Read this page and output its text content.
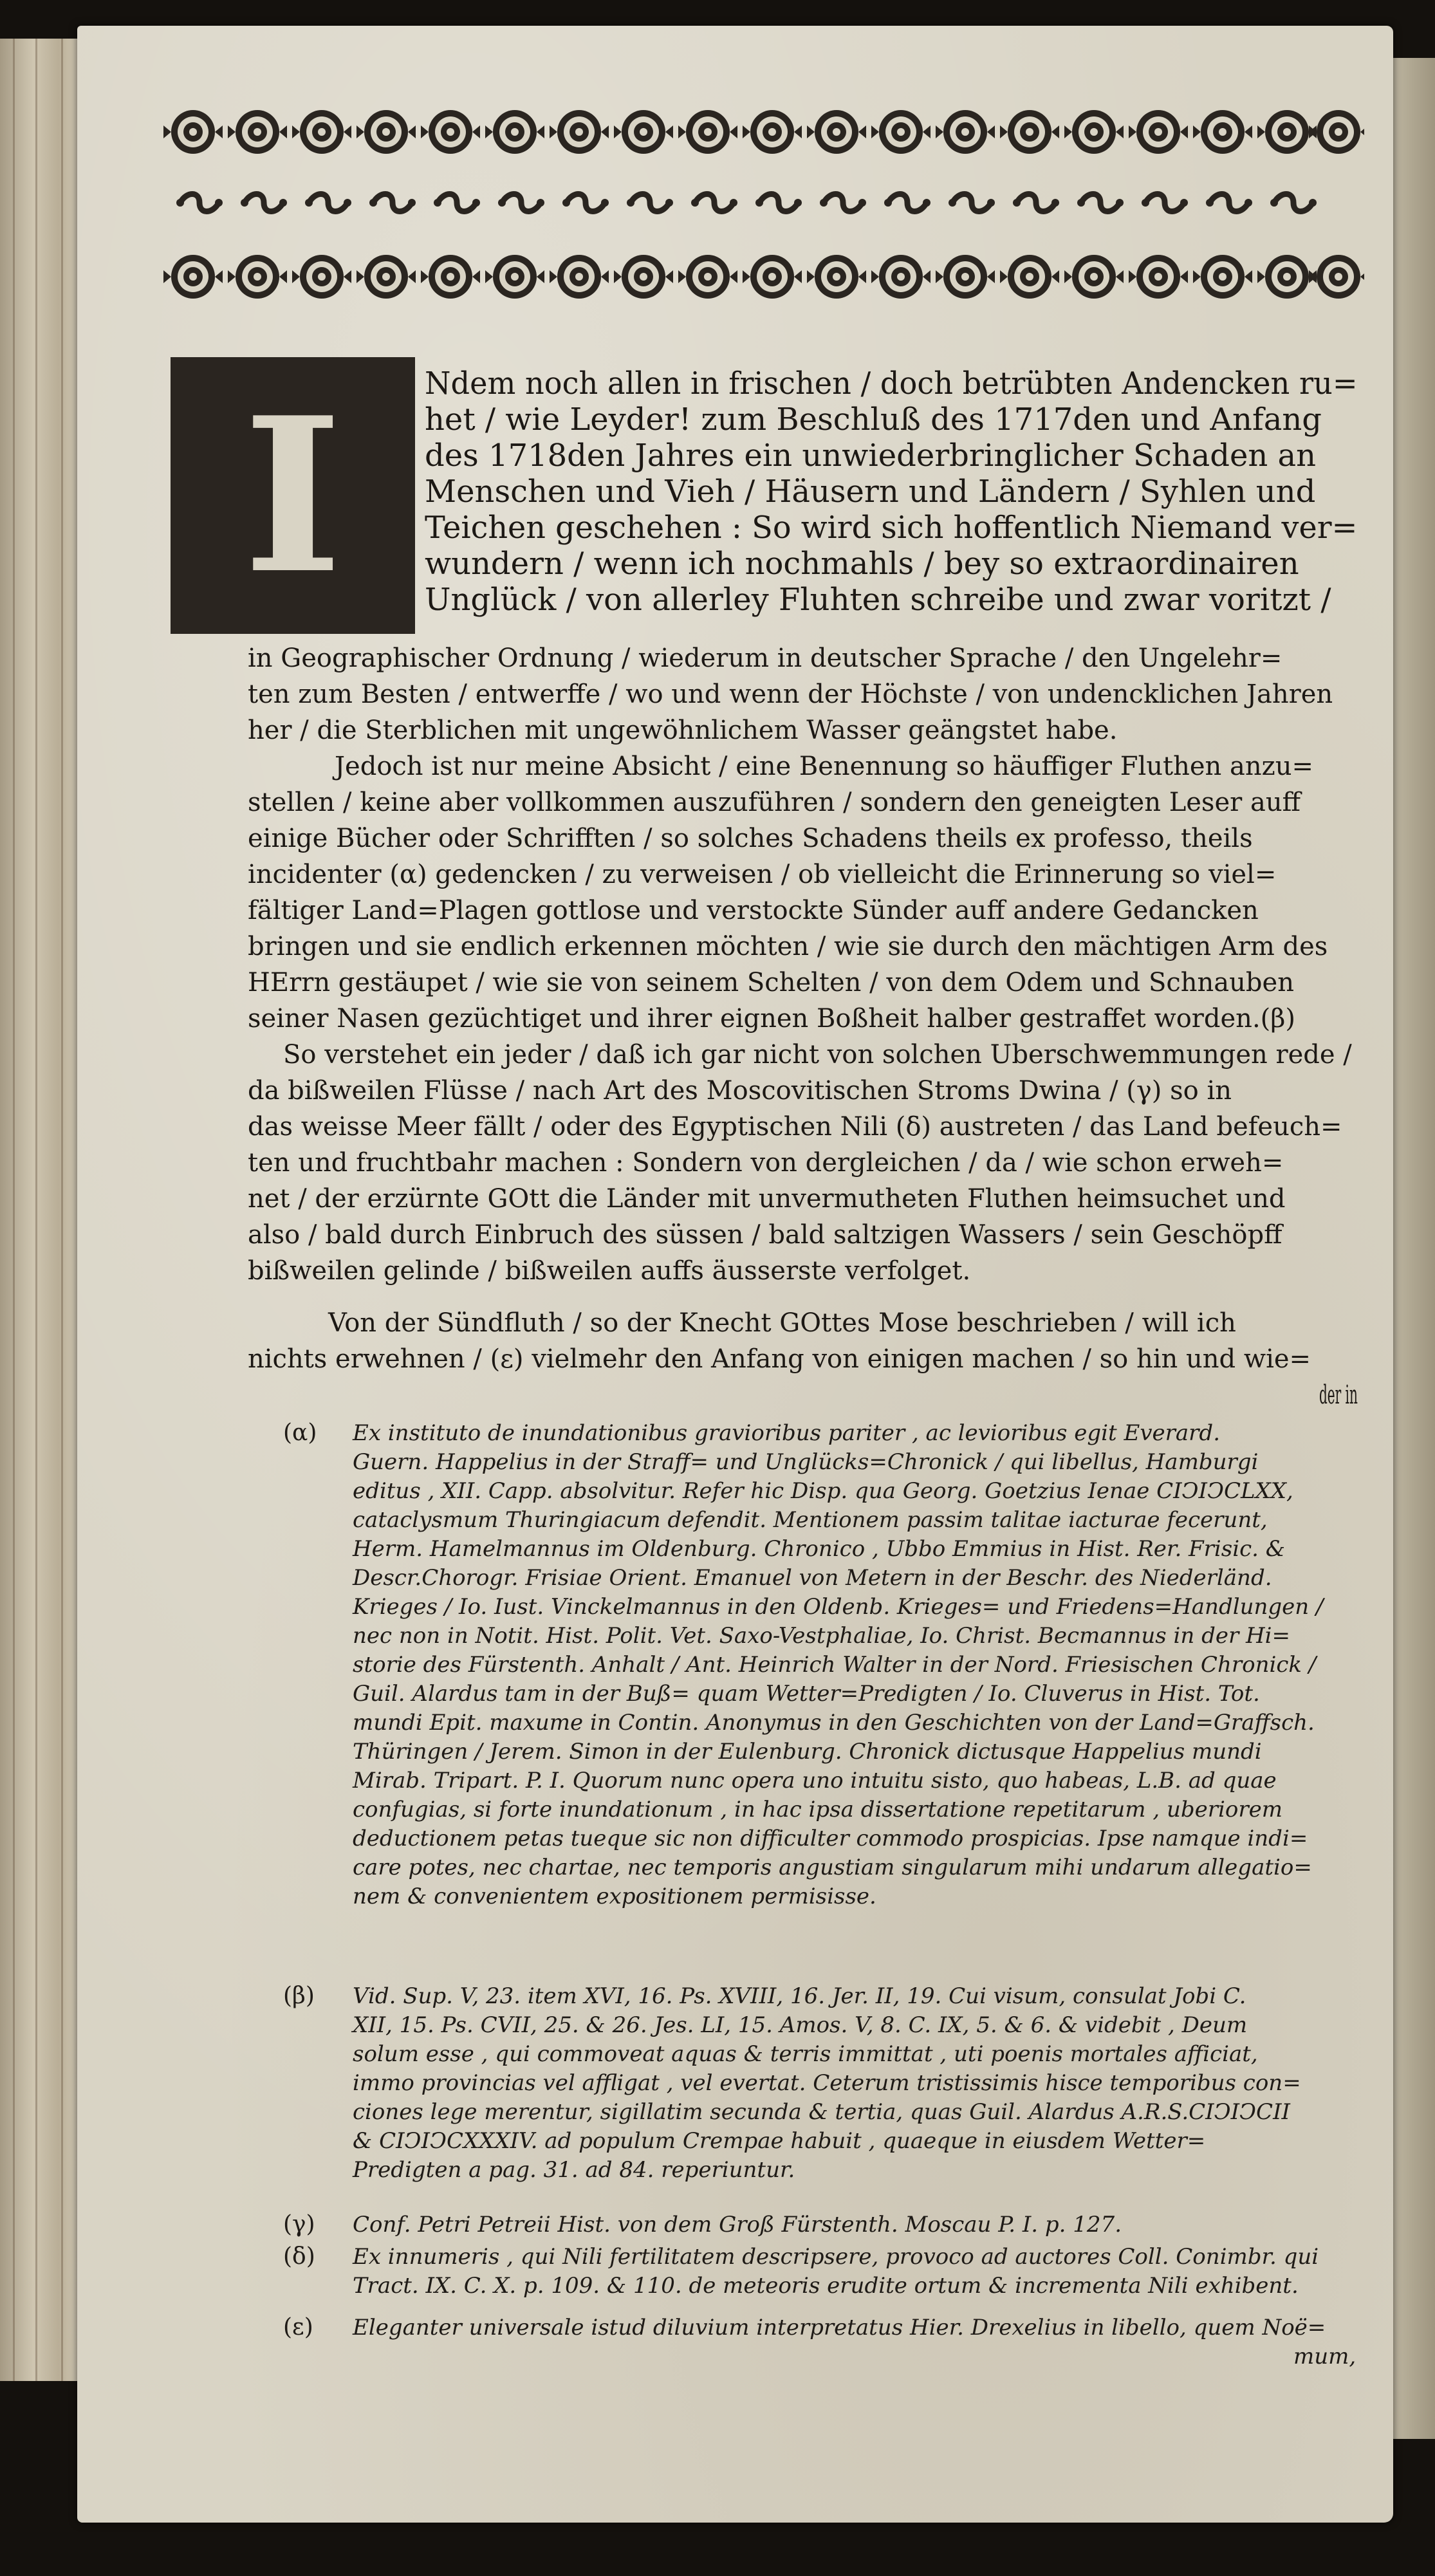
I	Ndem noch allen in frischen / doch betrübten Andencken ru=
het / wie Leyder! zum Beschluß des 1717den und Anfang
des 1718den Jahres ein unwiederbringlicher Schaden an
Menschen und Vieh / Häusern und Ländern / Syhlen und
Teichen geschehen : So wird sich hoffentlich Niemand ver=
wundern / wenn ich nochmahls / bey so extraordinairen
Unglück / von allerley Fluhten schreibe und zwar voritzt /
in Geographischer Ordnung / wiederum in deutscher Sprache / den Ungelehr=
ten zum Besten / entwerffe / wo und wenn der Höchste / von undencklichen Jahren
her / die Sterblichen mit ungewöhnlichem Wasser geängstet habe.
Jedoch ist nur meine Absicht / eine Benennung so häuffiger Fluthen anzu=
stellen / keine aber vollkommen auszuführen / sondern den geneigten Leser auff
einige Bücher oder Schrifften / so solches Schadens theils ex professo, theils
incidenter (α) gedencken / zu verweisen / ob vielleicht die Erinnerung so viel=
fältiger Land=Plagen gottlose und verstockte Sünder auff andere Gedancken
bringen und sie endlich erkennen möchten / wie sie durch den mächtigen Arm des
HErrn gestäupet / wie sie von seinem Schelten / von dem Odem und Schnauben
seiner Nasen gezüchtiget und ihrer eignen Boßheit halber gestraffet worden.(β)
So verstehet ein jeder / daß ich gar nicht von solchen Uberschwemmungen rede /
da bißweilen Flüsse / nach Art des Moscovitischen Stroms Dwina / (γ) so in
das weisse Meer fällt / oder des Egyptischen Nili (δ) austreten / das Land befeuch=
ten und fruchtbahr machen : Sondern von dergleichen / da / wie schon erweh=
net / der erzürnte GOtt die Länder mit unvermutheten Fluthen heimsuchet und
also / bald durch Einbruch des süssen / bald saltzigen Wassers / sein Geschöpff
bißweilen gelinde / bißweilen auffs äusserste verfolget.
Von der Sündfluth / so der Knecht GOttes Mose beschrieben / will ich
nichts erwehnen / (ε) vielmehr den Anfang von einigen machen / so hin und wie=
der in
(α) Ex instituto de inundationibus gravioribus pariter , ac levioribus egit Everard.
Guern. Happelius in der Straff= und Unglücks=Chronick / qui libellus, Hamburgi
editus , XII. Capp. absolvitur. Refer hic Disp. qua Georg. Goetzius Ienae CIↃIↃCLXX,
cataclysmum Thuringiacum defendit. Mentionem passim talitae iacturae fecerunt,
Herm. Hamelmannus im Oldenburg. Chronico , Ubbo Emmius in Hist. Rer. Frisic. &
Descr.Chorogr. Frisiae Orient. Emanuel von Metern in der Beschr. des Niederländ.
Krieges / Io. Iust. Vinckelmannus in den Oldenb. Krieges= und Friedens=Handlungen /
nec non in Notit. Hist. Polit. Vet. Saxo-Vestphaliae, Io. Christ. Becmannus in der Hi=
storie des Fürstenth. Anhalt / Ant. Heinrich Walter in der Nord. Friesischen Chronick /
Guil. Alardus tam in der Buß= quam Wetter=Predigten / Io. Cluverus in Hist. Tot.
mundi Epit. maxume in Contin. Anonymus in den Geschichten von der Land=Graffsch.
Thüringen / Jerem. Simon in der Eulenburg. Chronick dictusque Happelius mundi
Mirab. Tripart. P. I. Quorum nunc opera uno intuitu sisto, quo habeas, L.B. ad quae
confugias, si forte inundationum , in hac ipsa dissertatione repetitarum , uberiorem
deductionem petas tueque sic non difficulter commodo prospicias. Ipse namque indi=
care potes, nec chartae, nec temporis angustiam singularum mihi undarum allegatio=
nem & convenientem expositionem permisisse.
(β) Vid. Sup. V, 23. item XVI, 16. Ps. XVIII, 16. Jer. II, 19. Cui visum, consulat Jobi C.
XII, 15. Ps. CVII, 25. & 26. Jes. LI, 15. Amos. V, 8. C. IX, 5. & 6. & videbit , Deum
solum esse , qui commoveat aquas & terris immittat , uti poenis mortales afficiat,
immo provincias vel affligat , vel evertat. Ceterum tristissimis hisce temporibus con=
ciones lege merentur, sigillatim secunda & tertia, quas Guil. Alardus A.R.S.CIↃIↃCII
& CIↃIↃCXXXIV. ad populum Crempae habuit , quaeque in eiusdem Wetter=
Predigten a pag. 31. ad 84. reperiuntur.
(γ) Conf. Petri Petreii Hist. von dem Groß Fürstenth. Moscau P. I. p. 127.
(δ) Ex innumeris , qui Nili fertilitatem descripsere, provoco ad auctores Coll. Conimbr. qui
Tract. IX. C. X. p. 109. & 110. de meteoris erudite ortum & incrementa Nili exhibent.
(ε) Eleganter universale istud diluvium interpretatus Hier. Drexelius in libello, quem Noë=
mum,
